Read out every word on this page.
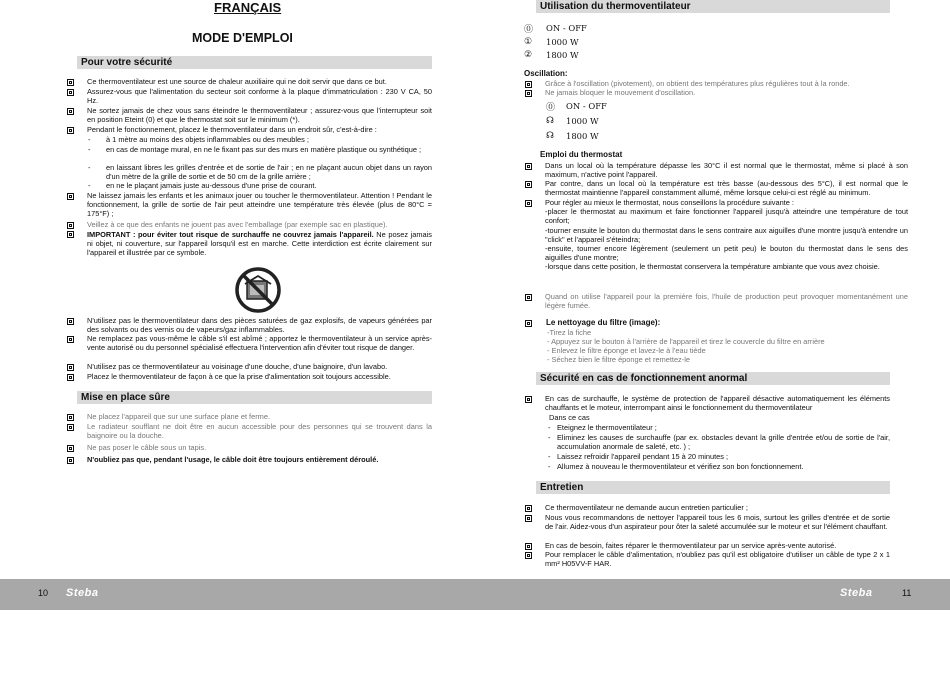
FRANÇAIS
MODE D'EMPLOI
Pour votre sécurité
Ce thermoventilateur est une source de chaleur auxiliaire qui ne doit servir que dans ce but.
Assurez-vous que l'alimentation du secteur soit conforme à la plaque d'immatriculation : 230 V CA, 50 Hz.
Ne sortez jamais de chez vous sans éteindre le thermoventilateur ; assurez-vous que l'interrupteur soit en position Eteint (0) et que le thermostat soit sur le minimum (*).
Pendant le fonctionnement, placez le thermoventilateur dans un endroit sûr, c'est-à-dire :
- à 1 mètre au moins des objets inflammables ou des meubles ;
- en cas de montage mural, en ne le fixant pas sur des murs en matière plastique ou synthétique ;
- en laissant libres les grilles d'entrée et de sortie de l'air ; en ne plaçant aucun objet dans un rayon d'un mètre de la grille de sortie et de 50 cm de la grille arrière ;
- en ne le plaçant jamais juste au-dessous d'une prise de courant.
Ne laissez jamais les enfants et les animaux jouer ou toucher le thermoventilateur. Attention ! Pendant le fonctionnement, la grille de sortie de l'air peut atteindre une température très élevée (plus de 80°C = 175°F) ;
Veillez à ce que des enfants ne jouent pas avec l'emballage (par exemple sac en plastique).
IMPORTANT : pour éviter tout risque de surchauffe ne couvrez jamais l'appareil. Ne posez jamais ni objet, ni couverture, sur l'appareil lorsqu'il est en marche. Cette interdiction est écrite clairement sur l'appareil et illustrée par ce symbole.
N'utilisez pas le thermoventilateur dans des pièces saturées de gaz explosifs, de vapeurs générées par des solvants ou des vernis ou de vapeurs/gaz inflammables.
Ne remplacez pas vous-même le câble s'il est abîmé ; apportez le thermoventilateur à un service après-vente autorisé ou du personnel spécialisé effectuera l'intervention afin d'éviter tout risque de danger.
N'utilisez pas ce thermoventilateur au voisinage d'une douche, d'une baignoire, d'un lavabo.
Placez le thermoventilateur de façon à ce que la prise d'alimentation soit toujours accessible.
Mise en place sûre
Ne placez l'appareil que sur une surface plane et ferme.
Le radiateur soufflant ne doit être en aucun accessible pour des personnes qui se trouvent dans la baignoire ou la douche.
Ne pas poser le câble sous un tapis.
N'oubliez pas que, pendant l'usage, le câble doit être toujours entièrement déroulé.
Utilisation du thermoventilateur
⓪ ON - OFF
① 1000 W
② 1800 W
Oscillation:
Grâce à l'oscillation (pivotement), on obtient des températures plus régulières tout à la ronde.
Ne jamais bloquer le mouvement d'oscillation.
⓪ ON - OFF
☊ 1000 W
☊ 1800 W
Emploi du thermostat
Dans un local où la température dépasse les 30°C il est normal que le thermostat, même si placé à son maximum, n'active point l'appareil.
Par contre, dans un local où la température est très basse (au-dessous des 5°C), il est normal que le thermostat maintienne l'appareil constamment allumé, même lorsque celui-ci est réglé au minimum.
Pour régler au mieux le thermostat, nous conseillons la procédure suivante :
-placer le thermostat au maximum et faire fonctionner l'appareil jusqu'à atteindre une température de tout confort;
-tourner ensuite le bouton du thermostat dans le sens contraire aux aiguilles d'une montre jusqu'à entendre un "click" et l'appareil s'éteindra;
-ensuite, tourner encore légèrement (seulement un petit peu) le bouton du thermostat dans le sens des aiguilles d'une montre;
-lorsque dans cette position, le thermostat conservera la température ambiante que vous avez choisie.
Quand on utilise l'appareil pour la première fois, l'huile de production peut provoquer momentanément une légère fumée.
Le nettoyage du filtre (image):
-Tirez la fiche
- Appuyez sur le bouton à l'arrière de l'appareil et tirez le couvercle du filtre en arrière
- Enlevez le filtre éponge et lavez-le à l'eau tiède
- Séchez bien le filtre éponge et remettez-le
Sécurité en cas de fonctionnement anormal
En cas de surchauffe, le système de protection de l'appareil désactive automatiquement les éléments chauffants et le moteur, interrompant ainsi le fonctionnement du thermoventilateur
Dans ce cas
- Eteignez le thermoventilateur ;
- Eliminez les causes de surchauffe (par ex. obstacles devant la grille d'entrée et/ou de sortie de l'air, accumulation anormale de saleté, etc. ) ;
- Laissez refroidir l'appareil pendant 15 à 20 minutes ;
- Allumez à nouveau le thermoventilateur et vérifiez son bon fonctionnement.
Entretien
Ce thermoventilateur ne demande aucun entretien particulier ;
Nous vous recommandons de nettoyer l'appareil tous les 6 mois, surtout les grilles d'entrée et de sortie de l'air. Aidez-vous d'un aspirateur pour ôter la saleté accumulée sur le moteur et sur l'élément chauffant.
En cas de besoin, faites réparer le thermoventilateur par un service après-vente autorisé.
Pour remplacer le câble d'alimentation, n'oubliez pas qu'il est obligatoire d'utiliser un câble de type 2 x 1 mm² H05VV-F HAR.
10 Steba	Steba	11
